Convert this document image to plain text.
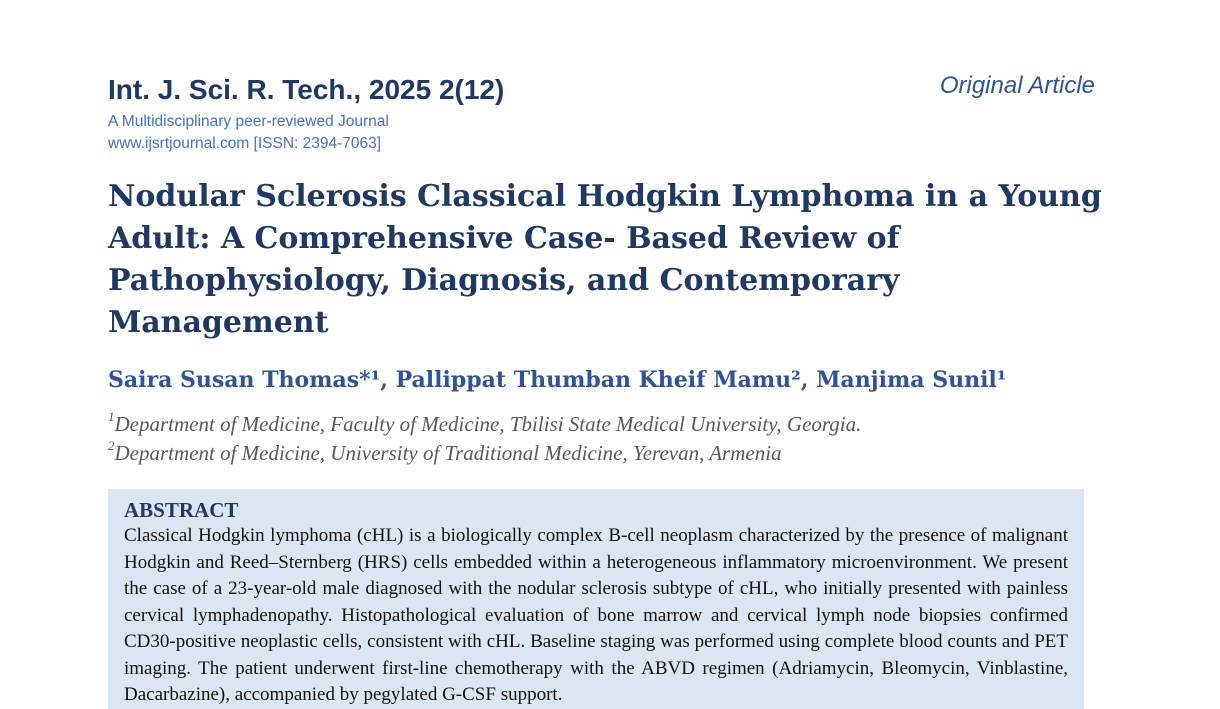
Int. J. Sci. R. Tech., 2025 2(12)	Original Article
A Multidisciplinary peer-reviewed Journal
www.ijsrtjournal.com [ISSN: 2394-7063]
Nodular Sclerosis Classical Hodgkin Lymphoma in a Young Adult: A Comprehensive Case- Based Review of Pathophysiology, Diagnosis, and Contemporary Management
Saira Susan Thomas*¹, Pallippat Thumban Kheif Mamu², Manjima Sunil¹
$^1$Department of Medicine, Faculty of Medicine, Tbilisi State Medical University, Georgia.
$^2$Department of Medicine, University of Traditional Medicine, Yerevan, Armenia
ABSTRACT

Classical Hodgkin lymphoma (cHL) is a biologically complex B-cell neoplasm characterized by the presence of malignant Hodgkin and Reed–Sternberg (HRS) cells embedded within a heterogeneous inflammatory microenvironment. We present the case of a 23-year-old male diagnosed with the nodular sclerosis subtype of cHL, who initially presented with painless cervical lymphadenopathy. Histopathological evaluation of bone marrow and cervical lymph node biopsies confirmed CD30-positive neoplastic cells, consistent with cHL. Baseline staging was performed using complete blood counts and PET imaging. The patient underwent first-line chemotherapy with the ABVD regimen (Adriamycin, Bleomycin, Vinblastine, Dacarbazine), accompanied by pegylated G-CSF support.
